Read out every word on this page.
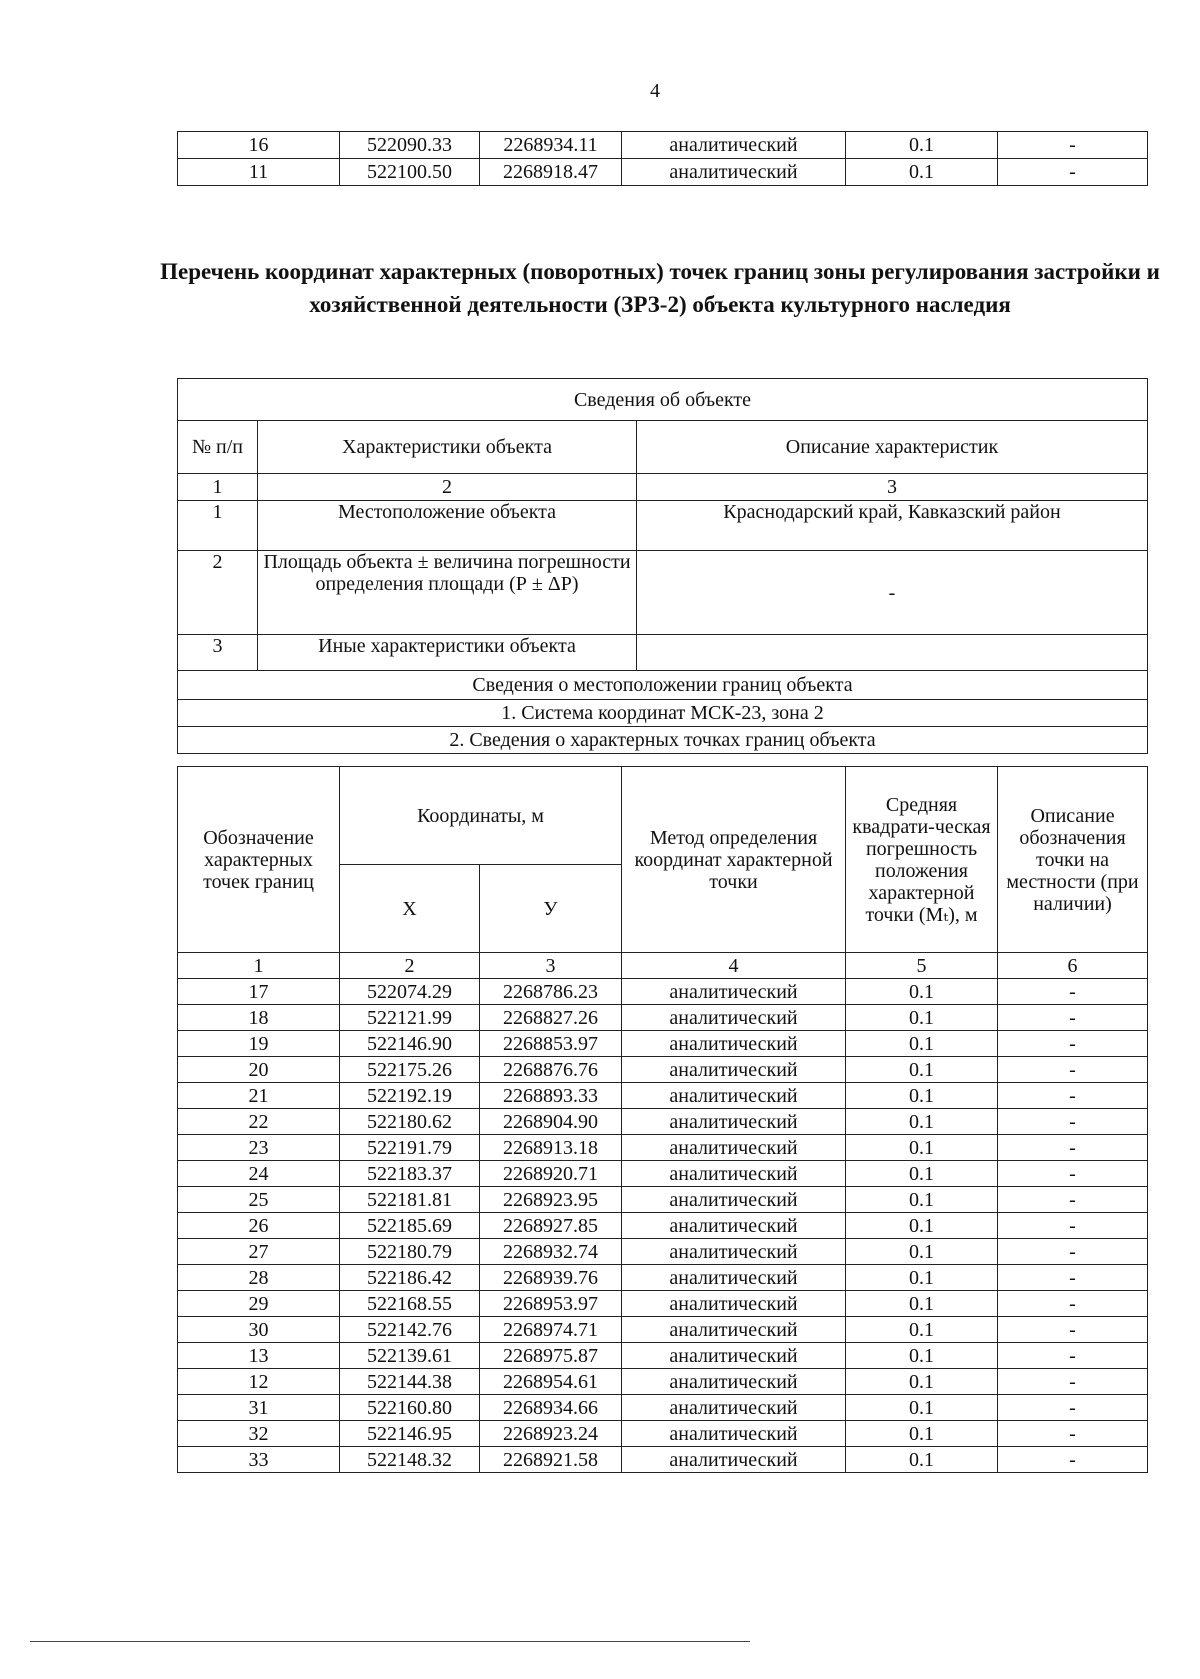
4
16	522090.33	2268934.11	аналитический	0.1	-
11	522100.50	2268918.47	аналитический	0.1	-
Перечень координат характерных (поворотных) точек границ зоны регулирования застройки и хозяйственной деятельности (ЗРЗ-2) объекта культурного наследия
Сведения об объекте		
№ п/п	Характеристики объекта	Описание характеристик
1	2	3
1	Местоположение объекта	Краснодарский край, Кавказский район
2	Площадь объекта ± величина погрешности определения площади (Р ± ΔР)	-
3	Иные характеристики объекта	
Сведения о местоположении границ объекта		
1. Система координат МСК-23, зона 2		
2. Сведения о характерных точках границ объекта		
Обозначение характерных точек границ	Координаты, м		Метод определения координат характерной точки	Средняя квадрати-ческая погрешность положения характерной точки (Мₜ), м	Описание обозначения точки на местности (при наличии)
	Х	У			
1	2	3	4	5	6
17	522074.29	2268786.23	аналитический	0.1	-
18	522121.99	2268827.26	аналитический	0.1	-
19	522146.90	2268853.97	аналитический	0.1	-
20	522175.26	2268876.76	аналитический	0.1	-
21	522192.19	2268893.33	аналитический	0.1	-
22	522180.62	2268904.90	аналитический	0.1	-
23	522191.79	2268913.18	аналитический	0.1	-
24	522183.37	2268920.71	аналитический	0.1	-
25	522181.81	2268923.95	аналитический	0.1	-
26	522185.69	2268927.85	аналитический	0.1	-
27	522180.79	2268932.74	аналитический	0.1	-
28	522186.42	2268939.76	аналитический	0.1	-
29	522168.55	2268953.97	аналитический	0.1	-
30	522142.76	2268974.71	аналитический	0.1	-
13	522139.61	2268975.87	аналитический	0.1	-
12	522144.38	2268954.61	аналитический	0.1	-
31	522160.80	2268934.66	аналитический	0.1	-
32	522146.95	2268923.24	аналитический	0.1	-
33	522148.32	2268921.58	аналитический	0.1	-
